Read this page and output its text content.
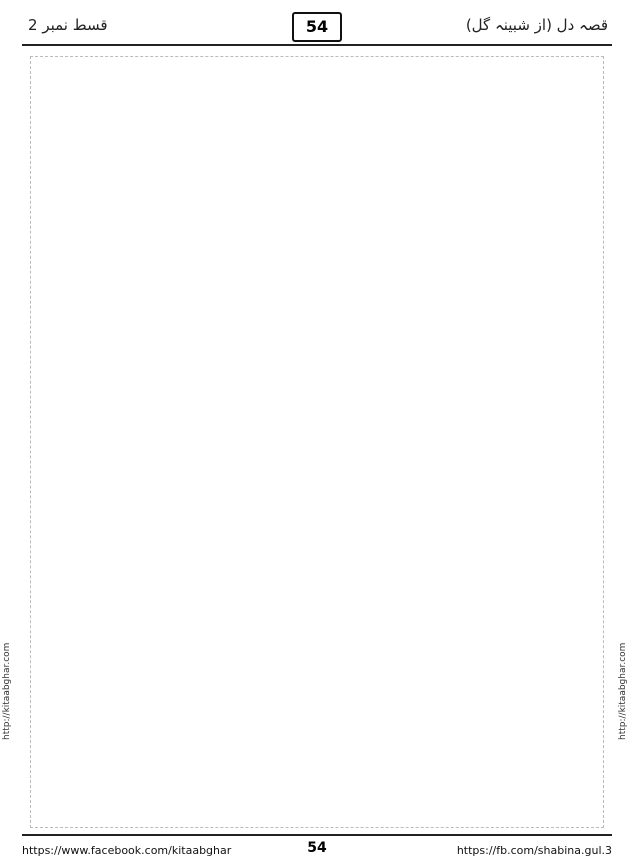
قسط نمبر 2	54	قصہ دل (از شبینہ گل)
http://kitaabghar.com	http://kitaabghar.com
https://www.facebook.com/kitaabghar	54	https://fb.com/shabina.gul.3
